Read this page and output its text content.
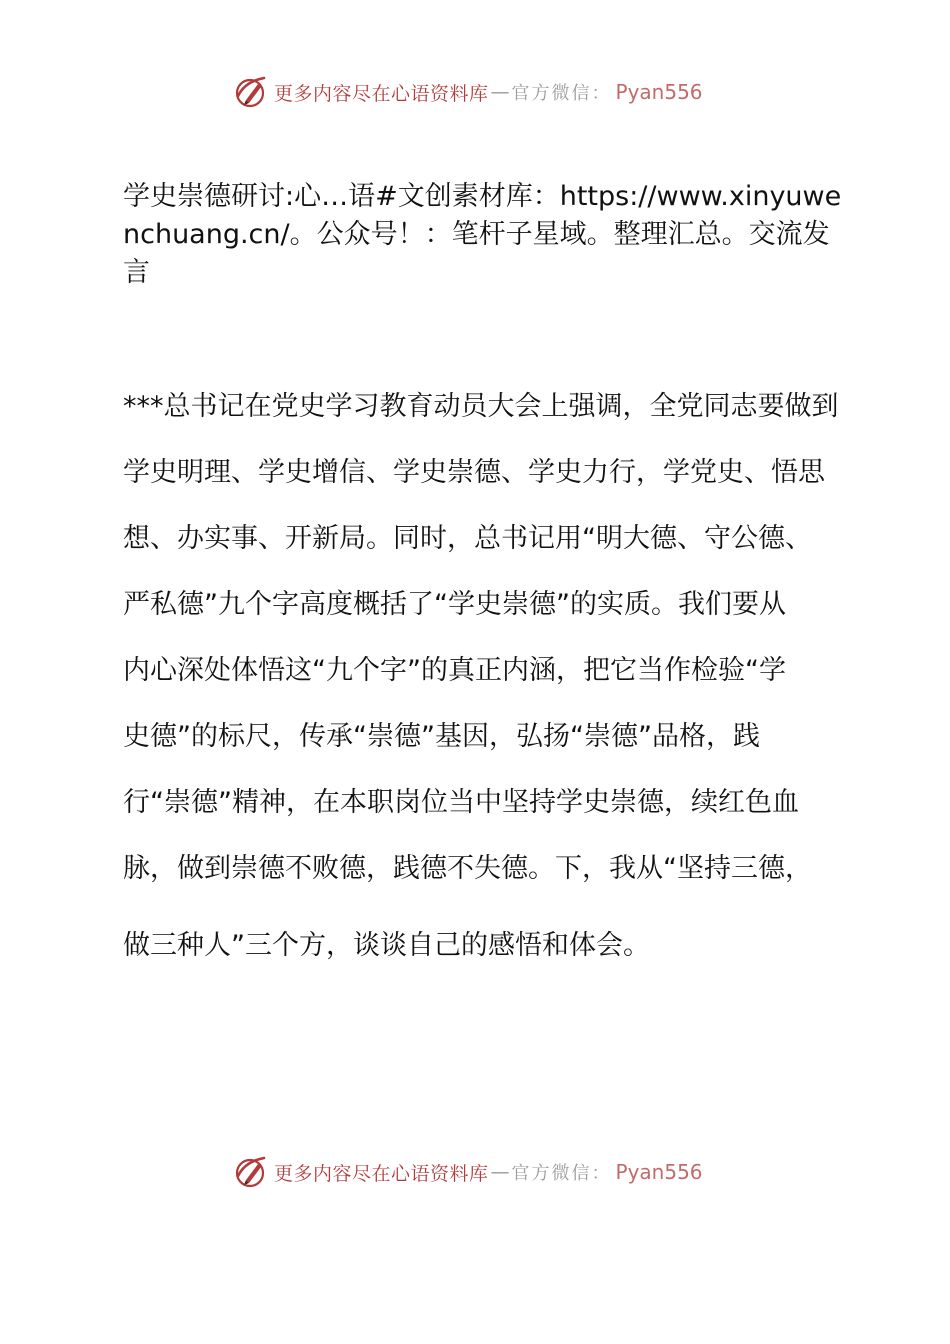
更多内容尽在心语资料库 — 官方微信： Pyan556
学史崇德研讨:心…语#文创素材库：https://www.xinyuwenchuang.cn/。公众号！：笔杆子星域。整理汇总。交流发言
***总书记在党史学习教育动员大会上强调，全党同志要做到
学史明理、学史增信、学史崇德、学史力行，学党史、悟思
想、办实事、开新局。同时，总书记用“明大德、守公德、
严私德”九个字高度概括了“学史崇德”的实质。我们要从
内心深处体悟这“九个字”的真正内涵，把它当作检验“学
史德”的标尺，传承“崇德”基因，弘扬“崇德”品格，践
行“崇德”精神，在本职岗位当中坚持学史崇德，续红色血
脉，做到崇德不败德，践德不失德。下，我从“坚持三德，
做三种人”三个方，谈谈自己的感悟和体会。
更多内容尽在心语资料库 — 官方微信： Pyan556
